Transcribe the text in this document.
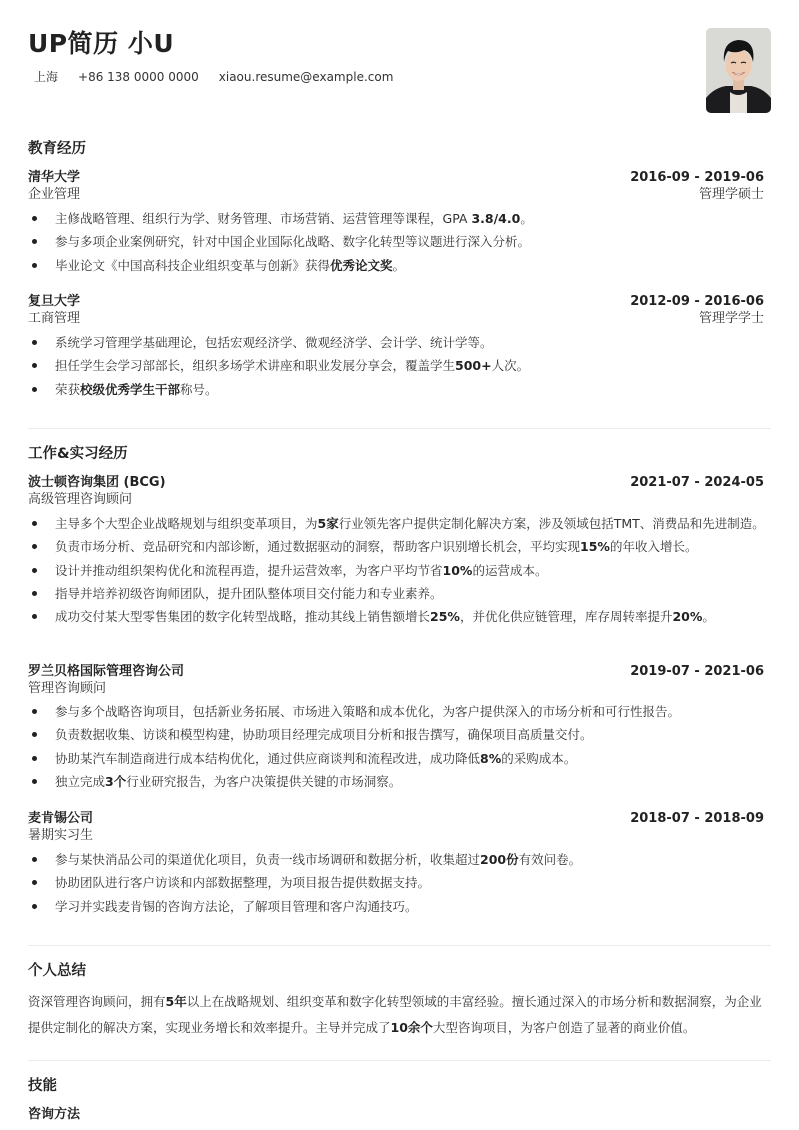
UP简历 小U
上海 +86 138 0000 0000 xiaou.resume@example.com
教育经历
清华大学
企业管理
2016-09 - 2019-06
管理学硕士
主修战略管理、组织行为学、财务管理、市场营销、运营管理等课程，GPA 3.8/4.0。
参与多项企业案例研究，针对中国企业国际化战略、数字化转型等议题进行深入分析。
毕业论文《中国高科技企业组织变革与创新》获得优秀论文奖。
复旦大学
工商管理
2012-09 - 2016-06
管理学学士
系统学习管理学基础理论，包括宏观经济学、微观经济学、会计学、统计学等。
担任学生会学习部部长，组织多场学术讲座和职业发展分享会，覆盖学生500+人次。
荣获校级优秀学生干部称号。
工作&实习经历
波士顿咨询集团 (BCG)
高级管理咨询顾问
2021-07 - 2024-05
主导多个大型企业战略规划与组织变革项目，为5家行业领先客户提供定制化解决方案，涉及领域包括TMT、消费品和先进制造。
负责市场分析、竞品研究和内部诊断，通过数据驱动的洞察，帮助客户识别增长机会，平均实现15%的年收入增长。
设计并推动组织架构优化和流程再造，提升运营效率，为客户平均节省10%的运营成本。
指导并培养初级咨询师团队，提升团队整体项目交付能力和专业素养。
成功交付某大型零售集团的数字化转型战略，推动其线上销售额增长25%，并优化供应链管理，库存周转率提升20%。
罗兰贝格国际管理咨询公司
管理咨询顾问
2019-07 - 2021-06
参与多个战略咨询项目，包括新业务拓展、市场进入策略和成本优化，为客户提供深入的市场分析和可行性报告。
负责数据收集、访谈和模型构建，协助项目经理完成项目分析和报告撰写，确保项目高质量交付。
协助某汽车制造商进行成本结构优化，通过供应商谈判和流程改进，成功降低8%的采购成本。
独立完成3个行业研究报告，为客户决策提供关键的市场洞察。
麦肯锡公司
暑期实习生
2018-07 - 2018-09
参与某快消品公司的渠道优化项目，负责一线市场调研和数据分析，收集超过200份有效问卷。
协助团队进行客户访谈和内部数据整理，为项目报告提供数据支持。
学习并实践麦肯锡的咨询方法论，了解项目管理和客户沟通技巧。
个人总结
资深管理咨询顾问，拥有5年以上在战略规划、组织变革和数字化转型领域的丰富经验。擅长通过深入的市场分析和数据洞察，为企业提供定制化的解决方案，实现业务增长和效率提升。主导并完成了10余个大型咨询项目，为客户创造了显著的商业价值。
技能
咨询方法
